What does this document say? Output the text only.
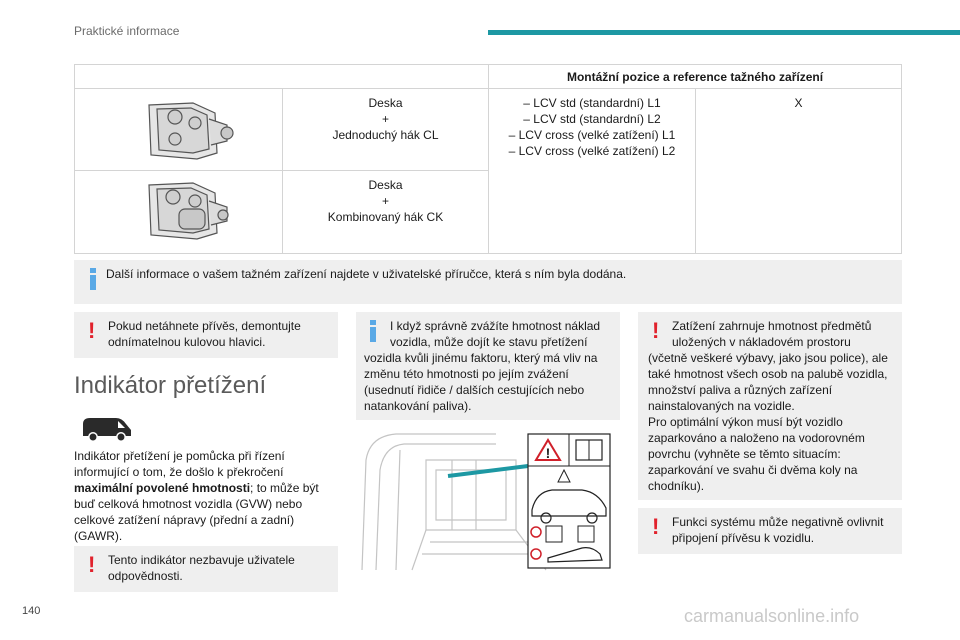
Praktické informace
Montážní pozice a reference tažného zařízení
Deska
+
Jednoduchý hák CL
Deska
+
Kombinovaný hák CK
– LCV std (standardní) L1
– LCV std (standardní) L2
– LCV cross (velké zatížení) L1
– LCV cross (velké zatížení) L2
X
Další informace o vašem tažném zařízení najdete v uživatelské příručce, která s ním byla dodána.
! Pokud netáhnete přívěs, demontujte
odnímatelnou kulovou hlavici.
Indikátor přetížení
Indikátor přetížení je pomůcka při řízení
informující o tom, že došlo k překročení
maximální povolené hmotnosti; to může být
buď celková hmotnost vozidla (GVW) nebo
celkové zatížení nápravy (přední a zadní)
(GAWR).
! Tento indikátor nezbavuje uživatele
odpovědnosti.
I když správně zvážíte hmotnost náklad
vozidla, může dojít ke stavu přetížení
vozidla kvůli jinému faktoru, který má vliv na
změnu této hmotnosti po jejím zvážení
(usednutí řidiče / dalších cestujících nebo
natankování paliva).
!
!	Zatížení zahrnuje hmotnost předmětů
uložených v nákladovém prostoru
(včetně veškeré výbavy, jako jsou police), ale
také hmotnost všech osob na palubě vozidla,
množství paliva a různých zařízení
nainstalovaných na vozidle.
Pro optimální výkon musí být vozidlo
zaparkováno a naloženo na vodorovném
povrchu (vyhněte se těmto situacím:
zaparkování ve svahu či dvěma koly na
chodníku).
! Funkci systému může negativně ovlivnit
připojení přívěsu k vozidlu.
140	carmanualsonline.info
